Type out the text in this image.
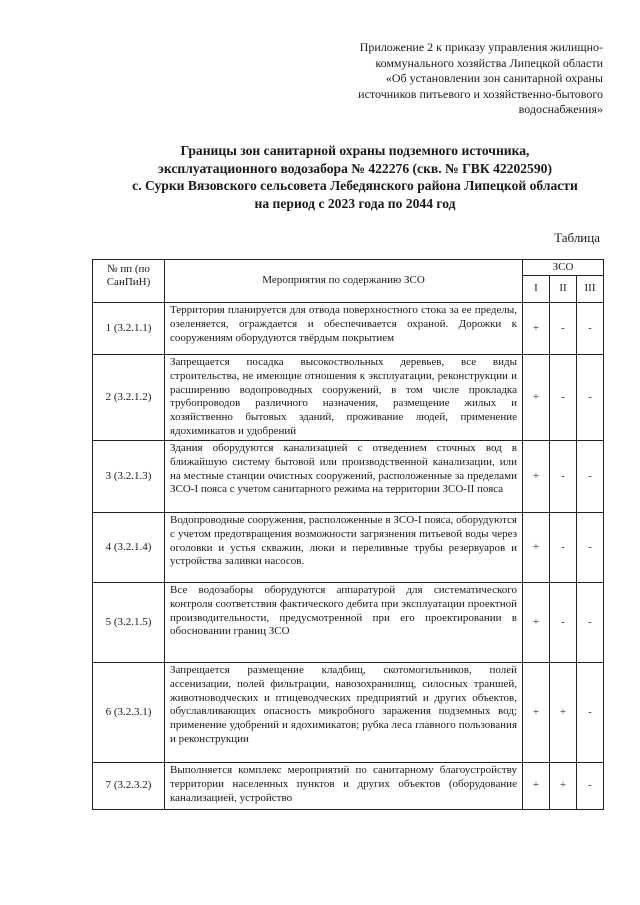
Приложение 2 к приказу управления жилищно-
коммунального хозяйства Липецкой области
«Об установлении зон санитарной охраны
источников питьевого и хозяйственно-бытового
водоснабжения»
Границы зон санитарной охраны подземного источника,
эксплуатационного водозабора № 422276 (скв. № ГВК 42202590)
с. Сурки Вязовского сельсовета Лебедянского района Липецкой области
на период с 2023 года по 2044 год
Таблица
№ пп (по СанПиН)	Мероприятия по содержанию ЗСО	ЗСО		
		I	II	III
1 (3.2.1.1)	Территория планируется для отвода поверхностного стока за ее пределы, озеленяется, ограждается и обеспечивается охраной. Дорожки к сооружениям оборудуются твёрдым покрытием	+	-	-
2 (3.2.1.2)	Запрещается посадка высокоствольных деревьев, все виды строительства, не имеющие отношения к эксплуатации, реконструкции и расширению водопроводных сооружений, в том числе прокладка трубопроводов различного назначения, размещение жилых и хозяйственно бытовых зданий, проживание людей, применение ядохимикатов и удобрений	+	-	-
3 (3.2.1.3)	Здания оборудуются канализацией с отведением сточных вод в ближайшую систему бытовой или производственной канализации, или на местные станции очистных сооружений, расположенные за пределами ЗСО-I пояса с учетом санитарного режима на территории ЗСО-II пояса	+	-	-
4 (3.2.1.4)	Водопроводные сооружения, расположенные в ЗСО-I пояса, оборудуются с учетом предотвращения возможности загрязнения питьевой воды через оголовки и устья скважин, люки и переливные трубы резервуаров и устройства заливки насосов.	+	-	-
5 (3.2.1.5)	Все водозаборы оборудуются аппаратурой для систематического контроля соответствия фактического дебита при эксплуатации проектной производительности, предусмотренной при его проектировании в обосновании границ ЗСО	+	-	-
6 (3.2.3.1)	Запрещается размещение кладбищ, скотомогильников, полей ассенизации, полей фильтрации, навозохранилищ, силосных траншей, животноводческих и птицеводческих предприятий и других объектов, обуславливающих опасность микробного заражения подземных вод; применение удобрений и ядохимикатов; рубка леса главного пользования и реконструкции	+	+	-
7 (3.2.3.2)	Выполняется комплекс мероприятий по санитарному благоустройству территории населенных пунктов и других объектов (оборудование канализацией, устройство	+	+	-
